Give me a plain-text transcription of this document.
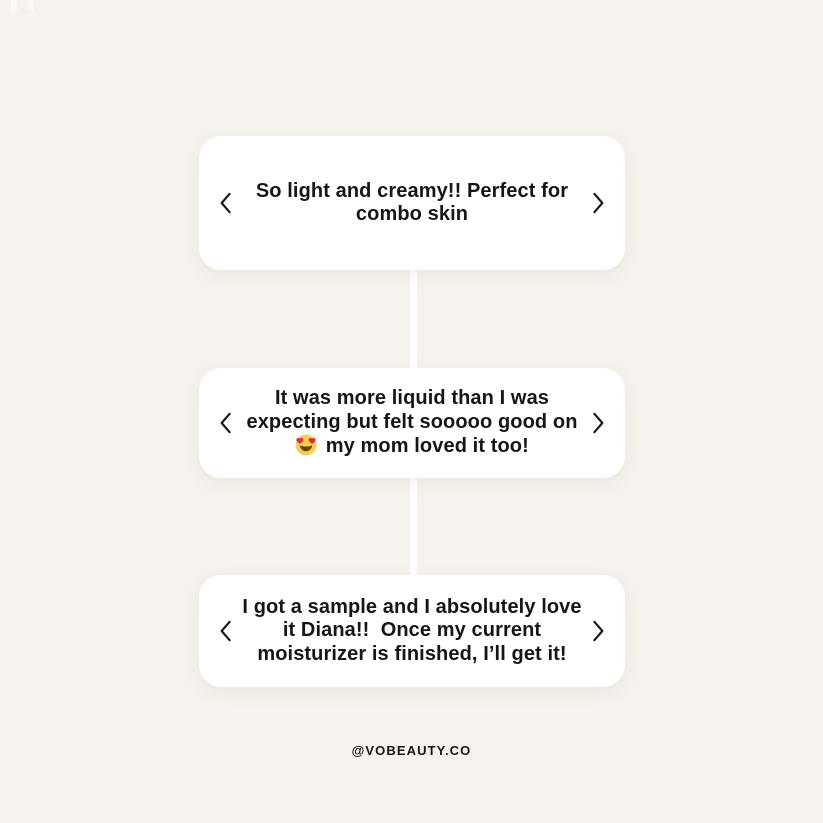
So light and creamy!! Perfect for
combo skin
It was more liquid than I was
expecting but felt sooooo good on
my mom loved it too!
I got a sample and I absolutely love
it Diana!!  Once my current
moisturizer is finished, I’ll get it!
@VOBEAUTY.CO
